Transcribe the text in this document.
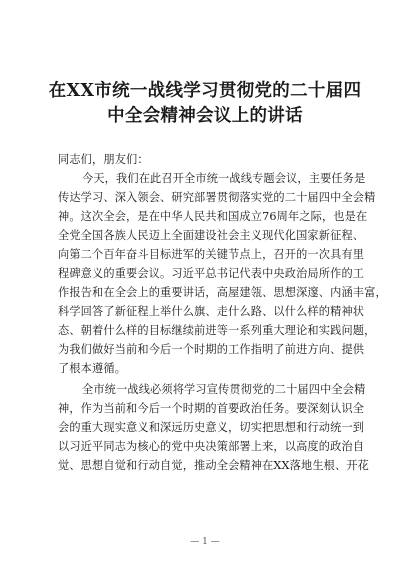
在XX市统一战线学习贯彻党的二十届四
中全会精神会议上的讲话

同志们，朋友们：

今天，我们在此召开全市统一战线专题会议，主要任务是

传达学习、深入领会、研究部署贯彻落实党的二十届四中全会精

神。这次全会，是在中华人民共和国成立76周年之际，也是在

全党全国各族人民迈上全面建设社会主义现代化国家新征程、

向第二个百年奋斗目标进军的关键节点上，召开的一次具有里

程碑意义的重要会议。习近平总书记代表中央政治局所作的工

作报告和在全会上的重要讲话，高屋建瓴、思想深邃、内涵丰富，

科学回答了新征程上举什么旗、走什么路、以什么样的精神状

态、朝着什么样的目标继续前进等一系列重大理论和实践问题，

为我们做好当前和今后一个时期的工作指明了前进方向、提供

了根本遵循。

全市统一战线必须将学习宣传贯彻党的二十届四中全会精

神，作为当前和今后一个时期的首要政治任务。要深刻认识全

会的重大现实意义和深远历史意义，切实把思想和行动统一到

以习近平同志为核心的党中央决策部署上来，以高度的政治自

觉、思想自觉和行动自觉，推动全会精神在XX落地生根、开花

— 1 —
